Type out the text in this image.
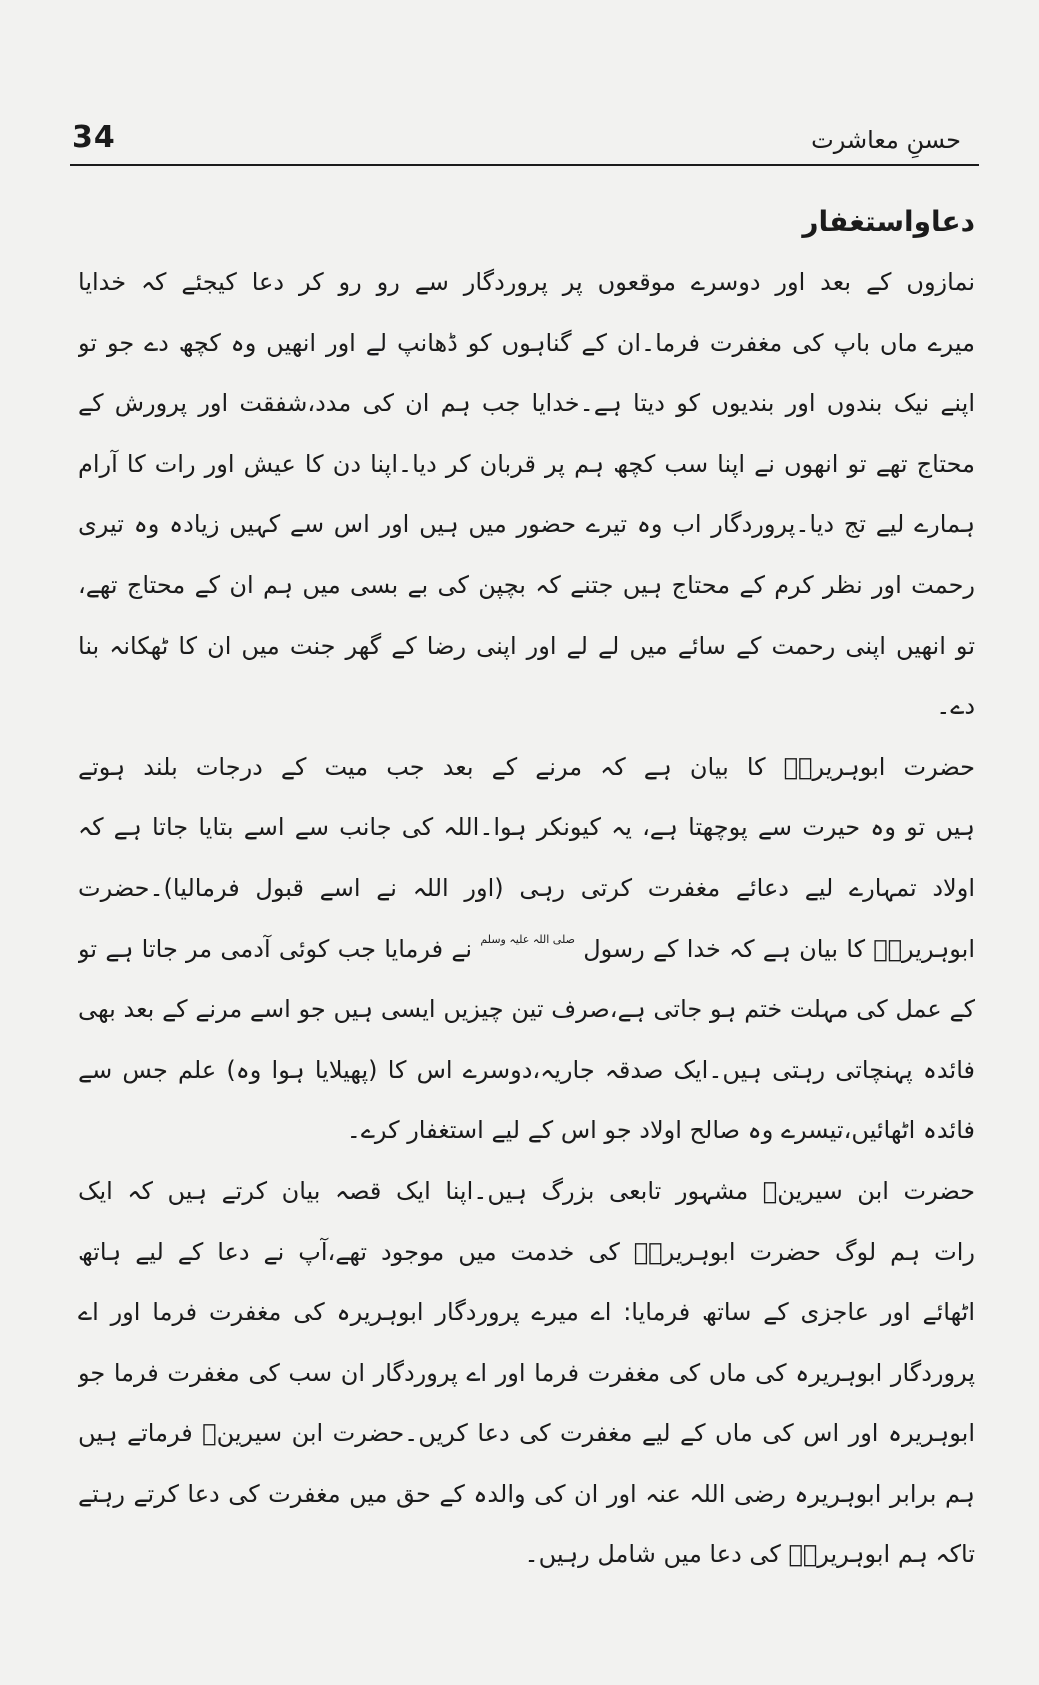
34	حسنِ معاشرت
دعاواستغفار
نمازوں کے بعد اور دوسرے موقعوں پر پروردگار سے رو رو کر دعا کیجئے کہ خدایا
میرے ماں باپ کی مغفرت فرما۔ان کے گناہوں کو ڈھانپ لے اور انھیں وہ کچھ دے جو تو
اپنے نیک بندوں اور بندیوں کو دیتا ہے۔خدایا جب ہم ان کی مدد،شفقت اور پرورش کے
محتاج تھے تو انھوں نے اپنا سب کچھ ہم پر قربان کر دیا۔اپنا دن کا عیش اور رات کا آرام
ہمارے لیے تج دیا۔پروردگار اب وہ تیرے حضور میں ہیں اور اس سے کہیں زیادہ وہ تیری
رحمت اور نظر کرم کے محتاج ہیں جتنے کہ بچپن کی بے بسی میں ہم ان کے محتاج تھے،
تو انھیں اپنی رحمت کے سائے میں لے لے اور اپنی رضا کے گھر جنت میں ان کا ٹھکانہ بنا
دے۔
حضرت ابوہریرہؓ کا بیان ہے کہ مرنے کے بعد جب میت کے درجات بلند ہوتے
ہیں تو وہ حیرت سے پوچھتا ہے، یہ کیونکر ہوا۔اللہ کی جانب سے اسے بتایا جاتا ہے کہ
اولاد تمہارے لیے دعائے مغفرت کرتی رہی (اور اللہ نے اسے قبول فرمالیا)۔حضرت
ابوہریرہؓ کا بیان ہے کہ خدا کے رسول صلی اللہ علیہ وسلم نے فرمایا جب کوئی آدمی مر جاتا ہے تو
کے عمل کی مہلت ختم ہو جاتی ہے،صرف تین چیزیں ایسی ہیں جو اسے مرنے کے بعد بھی
فائدہ پہنچاتی رہتی ہیں۔ایک صدقہ جاریہ،دوسرے اس کا (پھیلایا ہوا وہ) علم جس سے
فائدہ اٹھائیں،تیسرے وہ صالح اولاد جو اس کے لیے استغفار کرے۔
حضرت ابن سیرینؒ مشہور تابعی بزرگ ہیں۔اپنا ایک قصہ بیان کرتے ہیں کہ ایک
رات ہم لوگ حضرت ابوہریرہؓ کی خدمت میں موجود تھے،آپ نے دعا کے لیے ہاتھ
اٹھائے اور عاجزی کے ساتھ فرمایا: اے میرے پروردگار ابوہریرہ کی مغفرت فرما اور اے
پروردگار ابوہریرہ کی ماں کی مغفرت فرما اور اے پروردگار ان سب کی مغفرت فرما جو
ابوہریرہ اور اس کی ماں کے لیے مغفرت کی دعا کریں۔حضرت ابن سیرینؒ فرماتے ہیں
ہم برابر ابوہریرہ رضی اللہ عنہ اور ان کی والدہ کے حق میں مغفرت کی دعا کرتے رہتے
تاکہ ہم ابوہریرہؓ کی دعا میں شامل رہیں۔
